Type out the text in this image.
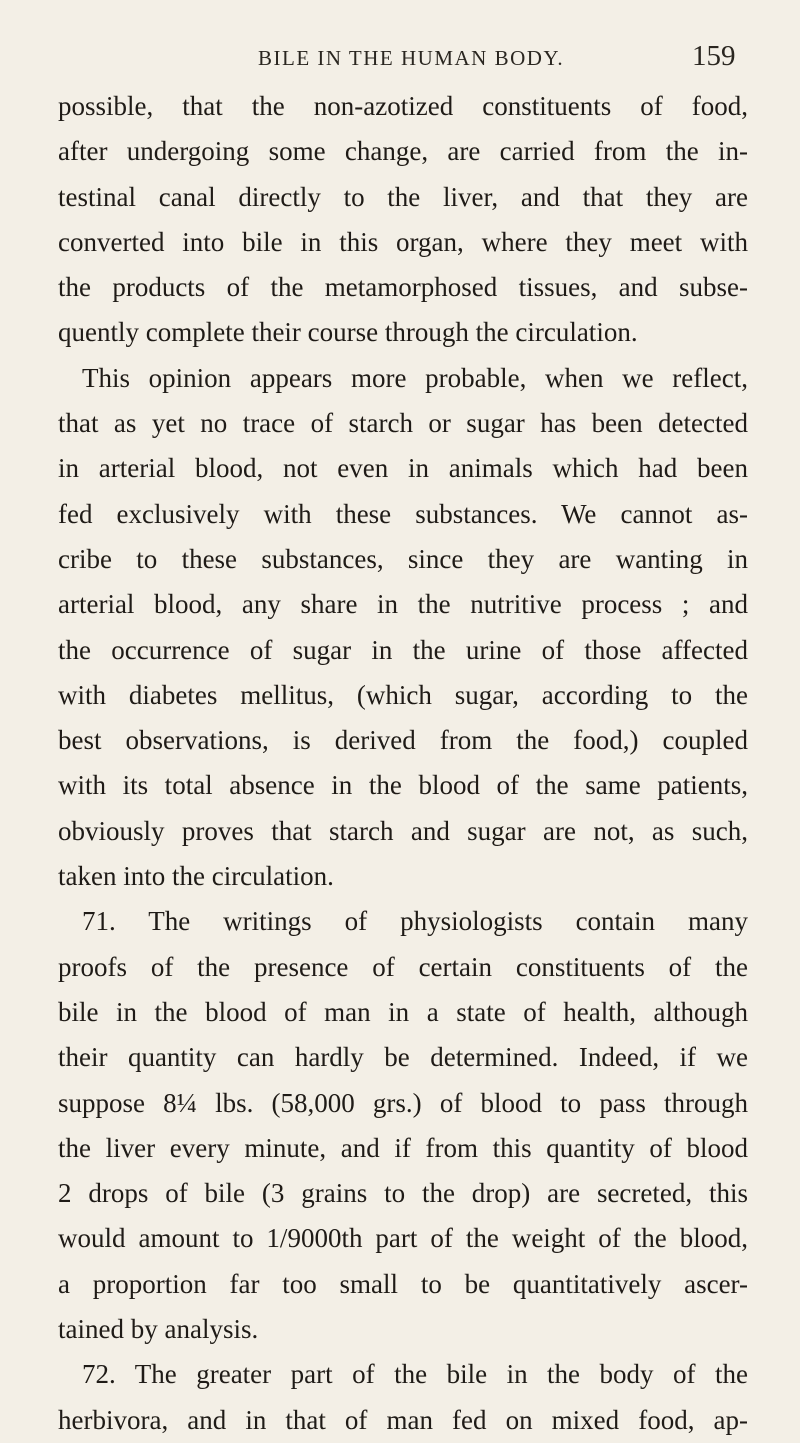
BILE IN THE HUMAN BODY.	159
possible, that the non-azotized constituents of food,
after undergoing some change, are carried from the in-
testinal canal directly to the liver, and that they are
converted into bile in this organ, where they meet with
the products of the metamorphosed tissues, and subse-
quently complete their course through the circulation.
This opinion appears more probable, when we reflect,
that as yet no trace of starch or sugar has been detected
in arterial blood, not even in animals which had been
fed exclusively with these substances. We cannot as-
cribe to these substances, since they are wanting in
arterial blood, any share in the nutritive process ; and
the occurrence of sugar in the urine of those affected
with diabetes mellitus, (which sugar, according to the
best observations, is derived from the food,) coupled
with its total absence in the blood of the same patients,
obviously proves that starch and sugar are not, as such,
taken into the circulation.
71. The writings of physiologists contain many
proofs of the presence of certain constituents of the
bile in the blood of man in a state of health, although
their quantity can hardly be determined. Indeed, if we
suppose 8¼ lbs. (58,000 grs.) of blood to pass through
the liver every minute, and if from this quantity of blood
2 drops of bile (3 grains to the drop) are secreted, this
would amount to 1/9000th part of the weight of the blood,
a proportion far too small to be quantitatively ascer-
tained by analysis.
72. The greater part of the bile in the body of the
herbivora, and in that of man fed on mixed food, ap-
